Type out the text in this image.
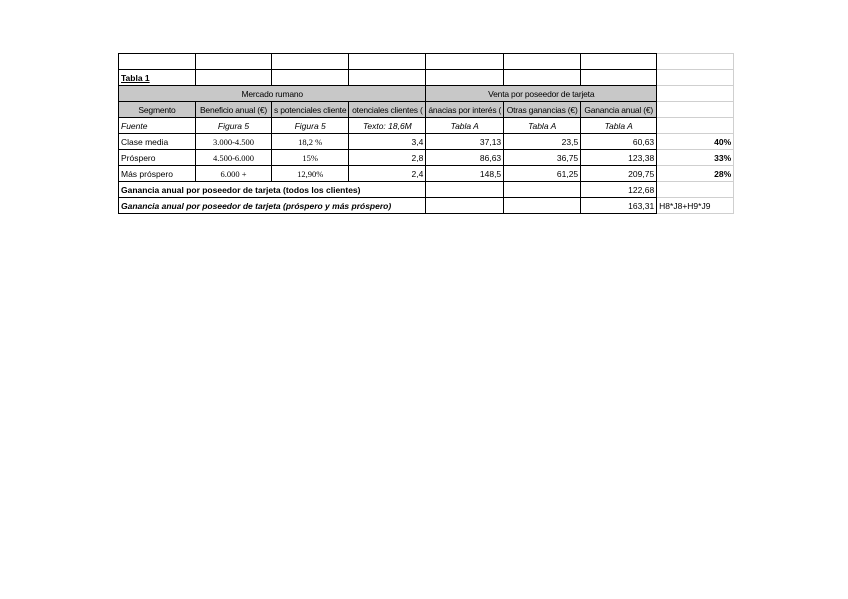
Tabla 1							
Mercado rumano				Venta por poseedor de tarjeta			
Segmento	Beneficio anual (€)	s potenciales cliente	otenciales clientes (	ánacias por interés (	Otras ganancias (€)	Ganancia anual (€)	
Fuente	Figura 5	Figura 5	Texto: 18,6M	Tabla A	Tabla A	Tabla A	
Clase media	3.000-4.500	18,2 %	3,4	37,13	23,5	60,63	40%
Próspero	4.500-6.000	15%	2,8	86,63	36,75	123,38	33%
Más próspero	6.000 +	12,90%	2,4	148,5	61,25	209,75	28%
Ganancia anual por poseedor de tarjeta (todos los clientes)						122,68	
Ganancia anual por poseedor de tarjeta (próspero y más próspero)						163,31	H8*J8+H9*J9
